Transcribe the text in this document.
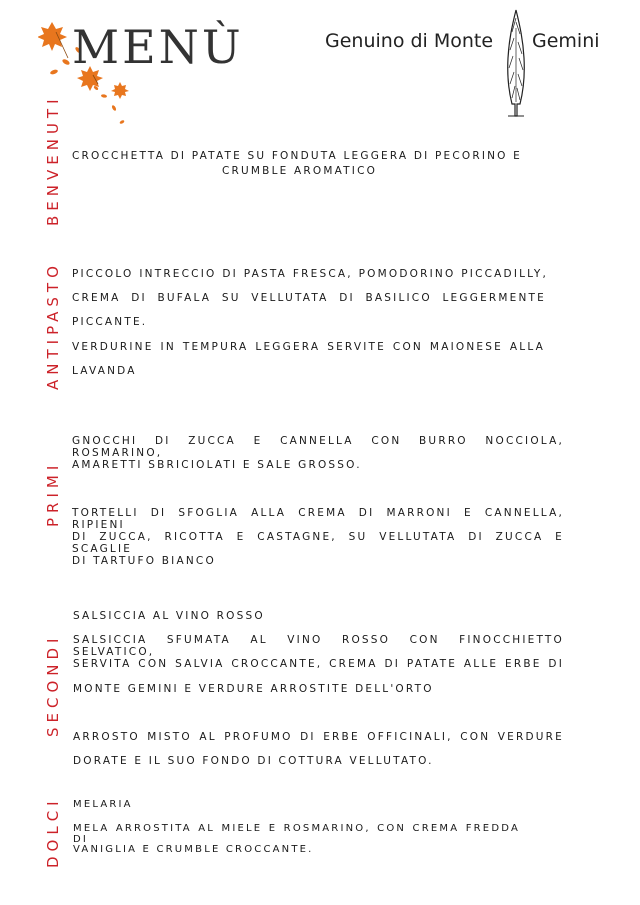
MENÙ	Genuino di Monte Gemini
BENVENUTI
ANTIPASTO
PRIMI
SECONDI
DOLCI
CROCCHETTA DI PATATE SU FONDUTA LEGGERA DI PECORINO E
CRUMBLE AROMATICO
PICCOLO INTRECCIO DI PASTA FRESCA, POMODORINO PICCADILLY,
CREMA DI BUFALA SU VELLUTATA DI BASILICO LEGGERMENTE
PICCANTE.
VERDURINE IN TEMPURA LEGGERA SERVITE CON MAIONESE ALLA
LAVANDA
GNOCCHI DI ZUCCA E CANNELLA CON BURRO NOCCIOLA, ROSMARINO,
AMARETTI SBRICIOLATI E SALE GROSSO.
TORTELLI DI SFOGLIA ALLA CREMA DI MARRONI E CANNELLA, RIPIENI
DI ZUCCA, RICOTTA E CASTAGNE, SU VELLUTATA DI ZUCCA E SCAGLIE
DI TARTUFO BIANCO
SALSICCIA AL VINO ROSSO
SALSICCIA SFUMATA AL VINO ROSSO CON FINOCCHIETTO SELVATICO,
SERVITA CON SALVIA CROCCANTE, CREMA DI PATATE ALLE ERBE DI
MONTE GEMINI E VERDURE ARROSTITE DELL'ORTO
ARROSTO MISTO AL PROFUMO DI ERBE OFFICINALI, CON VERDURE
DORATE E IL SUO FONDO DI COTTURA VELLUTATO.
MELARIA
MELA ARROSTITA AL MIELE E ROSMARINO, CON CREMA FREDDA DI
VANIGLIA E CRUMBLE CROCCANTE.
